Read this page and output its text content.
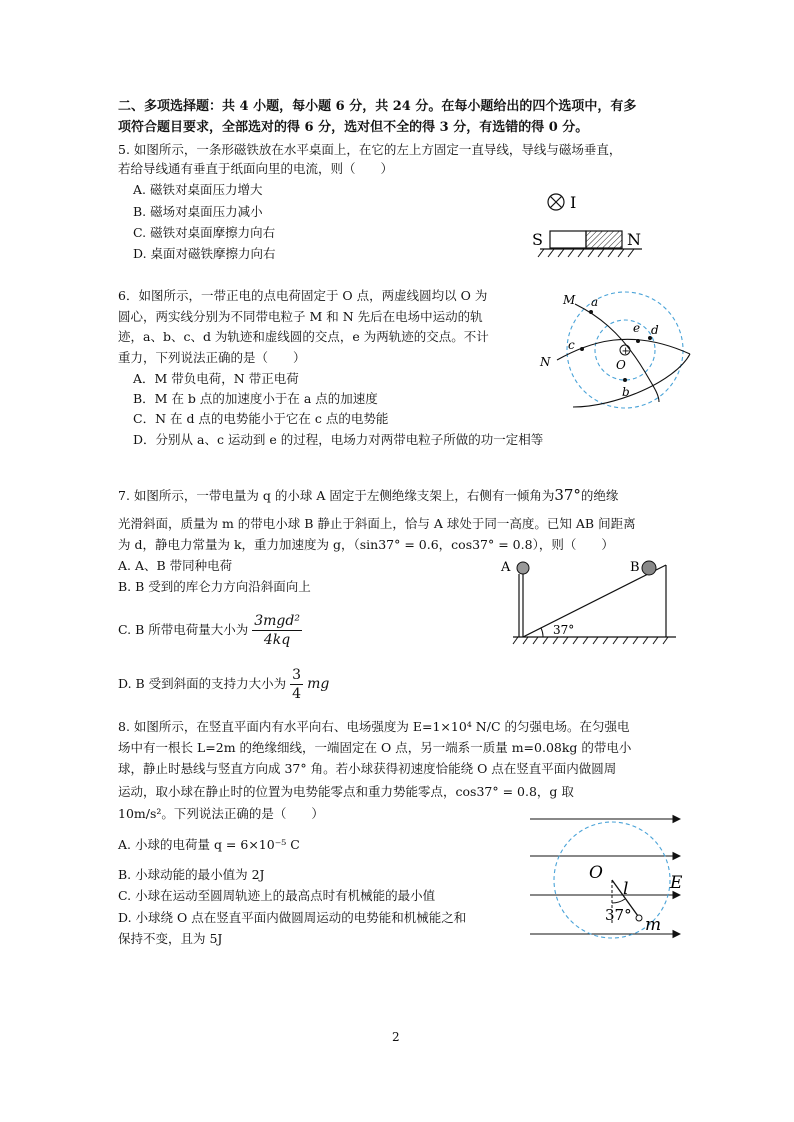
二、多项选择题：共 4 小题，每小题 6 分，共 24 分。在每小题给出的四个选项中，有多
项符合题目要求，全部选对的得 6 分，选对但不全的得 3 分，有选错的得 0 分。
5. 如图所示，一条形磁铁放在水平桌面上，在它的左上方固定一直导线，导线与磁场垂直，
若给导线通有垂直于纸面向里的电流，则（　　）
A. 磁铁对桌面压力增大
B. 磁场对桌面压力减小
C. 磁铁对桌面摩擦力向右
D. 桌面对磁铁摩擦力向右
I
S	N
6．如图所示，一带正电的点电荷固定于 O 点，两虚线圆均以 O 为
圆心，两实线分别为不同带电粒子 M 和 N 先后在电场中运动的轨
迹，a、b、c、d 为轨迹和虚线圆的交点，e 为两轨迹的交点。不计
重力，下列说法正确的是（　　）
A．M 带负电荷，N 带正电荷
B．M 在 b 点的加速度小于在 a 点的加速度
C．N 在 d 点的电势能小于它在 c 点的电势能
D．分别从 a、c 运动到 e 的过程，电场力对两带电粒子所做的功一定相等
+
M a
N
c
e d
O
b
7. 如图所示，一带电量为 q 的小球 A 固定于左侧绝缘支架上，右侧有一倾角为37°的绝缘
光滑斜面，质量为 m 的带电小球 B 静止于斜面上，恰与 A 球处于同一高度。已知 AB 间距离
为 d，静电力常量为 k，重力加速度为 g，（sin37° = 0.6，cos37° = 0.8），则（　　）
A. A、B 带同种电荷
B. B 受到的库仑力方向沿斜面向上
C. B 所带电荷量大小为 $\frac{\text{3mgd²}}{4kq}$
D. B 受到斜面的支持力大小为 $\frac{3}{4}$ mg
A
37°
B
8. 如图所示，在竖直平面内有水平向右、电场强度为 E=1×10⁴ N/C 的匀强电场。在匀强电
场中有一根长 L=2m 的绝缘细线，一端固定在 O 点，另一端系一质量 m=0.08kg 的带电小
球，静止时悬线与竖直方向成 37° 角。若小球获得初速度恰能绕 O 点在竖直平面内做圆周
运动，取小球在静止时的位置为电势能零点和重力势能零点，cos37° = 0.8，g 取
10m/s²。下列说法正确的是（　　）
A. 小球的电荷量 q = 6×10⁻⁵ C
B. 小球动能的最小值为 2J
C. 小球在运动至圆周轨迹上的最高点时有机械能的最小值
D. 小球绕 O 点在竖直平面内做圆周运动的电势能和机械能之和
保持不变，且为 5J
O
l E
37° m
2
